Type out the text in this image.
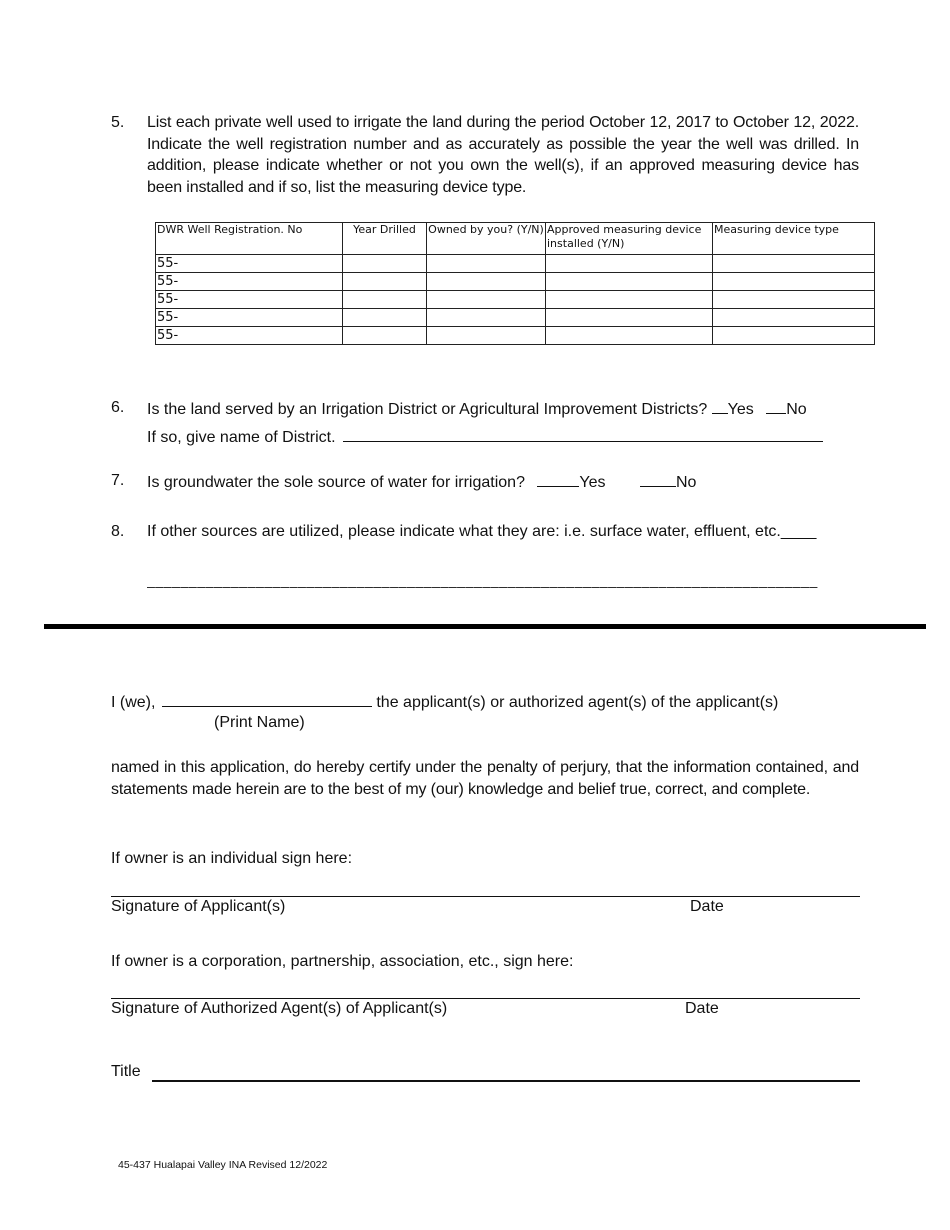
5. List each private well used to irrigate the land during the period October 12, 2017 to October 12, 2022. Indicate the well registration number and as accurately as possible the year the well was drilled. In addition, please indicate whether or not you own the well(s), if an approved measuring device has been installed and if so, list the measuring device type.
DWR Well Registration. No	Year Drilled	Owned by you? (Y/N)	Approved measuring device installed (Y/N)	Measuring device type
55-				
55-				
55-				
55-				
55-				
6. Is the land served by an Irrigation District or Agricultural Improvement Districts? Yes No
If so, give name of District.
7. Is groundwater the sole source of water for irrigation?	Yes	No
8. If other sources are utilized, please indicate what they are: i.e. surface water, effluent, etc.____
________________________________________________________________________________
I (we),	the applicant(s) or authorized agent(s) of the applicant(s)
(Print Name)
named in this application, do hereby certify under the penalty of perjury, that the information contained, and statements made herein are to the best of my (our) knowledge and belief true, correct, and complete.
If owner is an individual sign here:
Signature of Applicant(s)	Date
If owner is a corporation, partnership, association, etc., sign here:
Signature of Authorized Agent(s) of Applicant(s)	Date
Title
45-437 Hualapai Valley INA Revised 12/2022
